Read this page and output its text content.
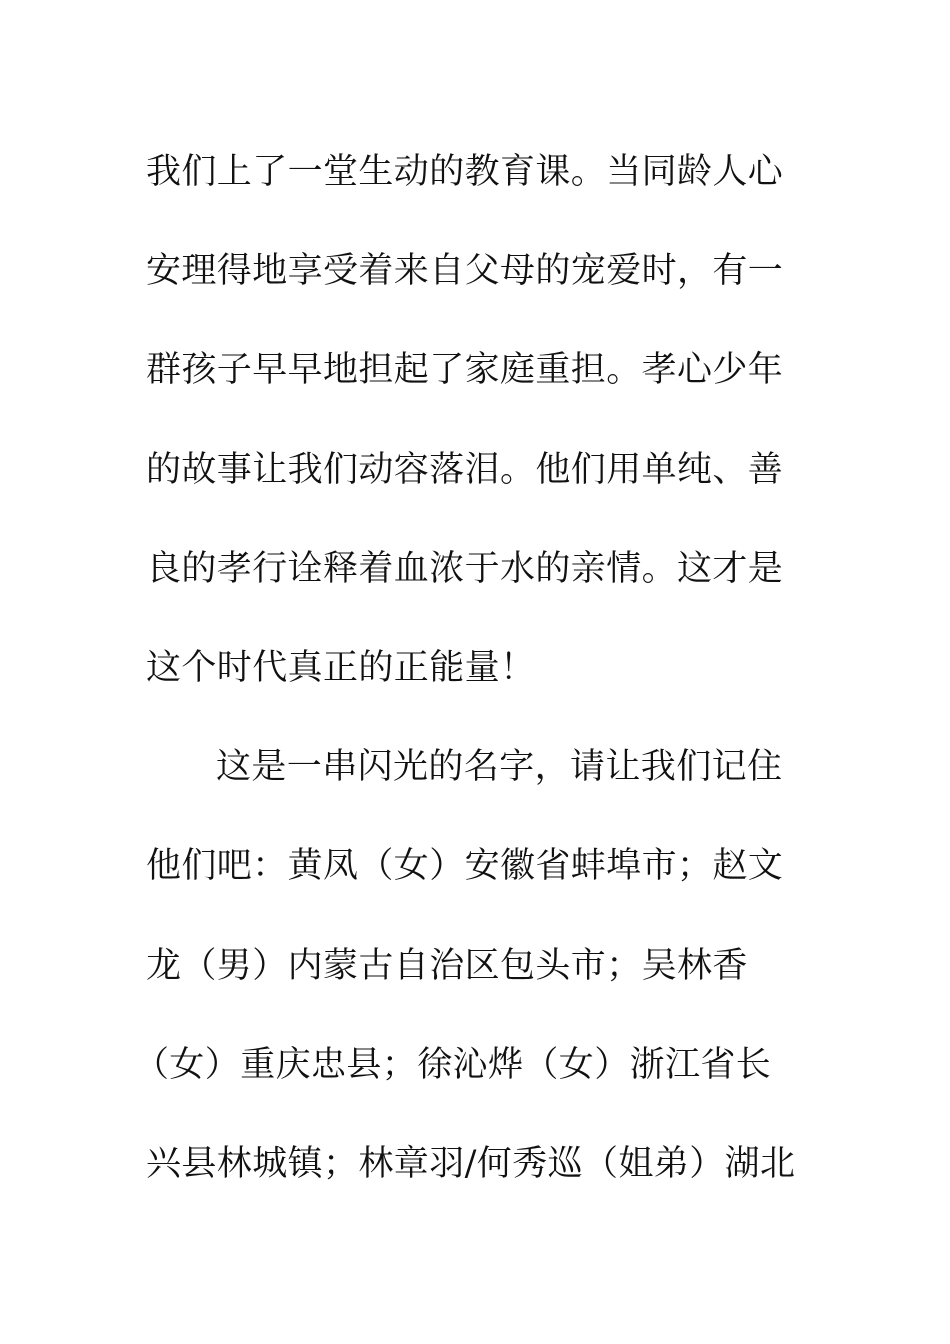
我们上了一堂生动的教育课。当同龄人心
安理得地享受着来自父母的宠爱时，有一
群孩子早早地担起了家庭重担。孝心少年
的故事让我们动容落泪。他们用单纯、善
良的孝行诠释着血浓于水的亲情。这才是
这个时代真正的正能量！
这是一串闪光的名字，请让我们记住
他们吧：黄凤（女）安徽省蚌埠市；赵文
龙（男）内蒙古自治区包头市；吴林香
（女）重庆忠县；徐沁烨（女）浙江省长
兴县林城镇；林章羽/何秀巡（姐弟）湖北
